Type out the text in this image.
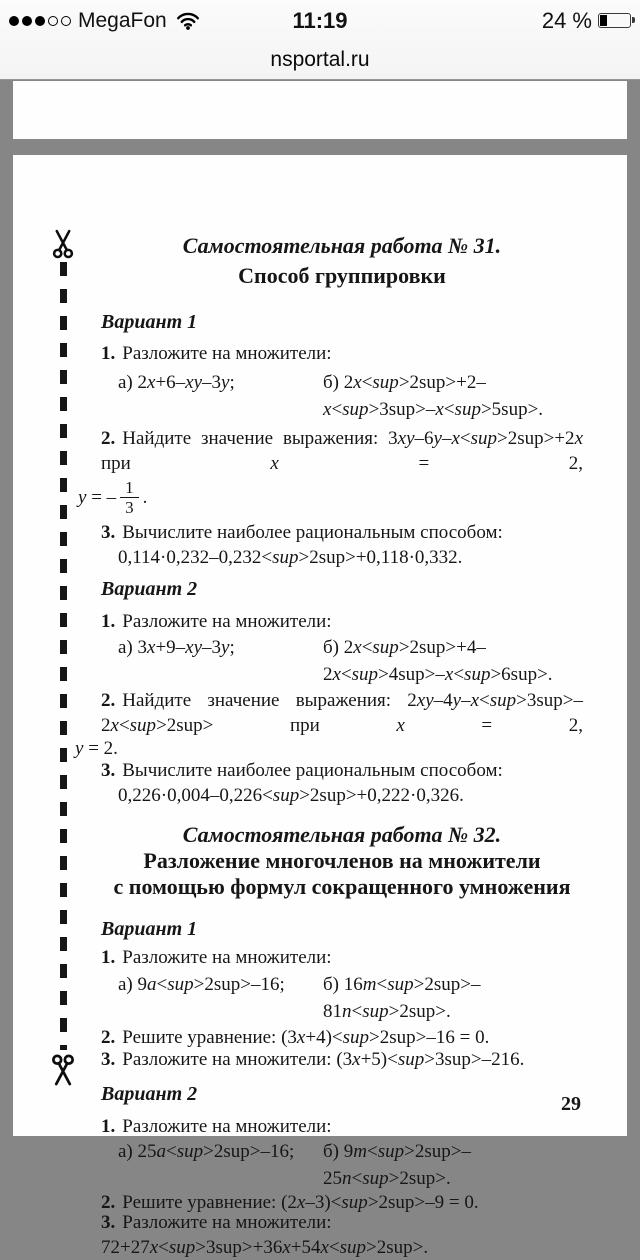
MegaFon	11:19	24 %
nsportal.ru
Самостоятельная работа № 31.
Способ группировки
Вариант 1

1. Разложите на множители:

а) 2x+6–xy–3y;	б) 2x<sup>2sup>+2–x<sup>3sup>–x<sup>5sup>.

2. Найдите значение выражения: 3xy–6y–x<sup>2sup>+2x при x = 2,

y = – $\frac{1}{3}$ .

3. Вычислите наиболее рациональным способом:

0,114·0,232–0,232<sup>2sup>+0,118·0,332.
Вариант 2

1. Разложите на множители:

а) 3x+9–xy–3y;	б) 2x<sup>2sup>+4–2x<sup>4sup>–x<sup>6sup>.

2. Найдите значение выражения: 2xy–4y–x<sup>3sup>–2x<sup>2sup> при x = 2,

y = 2.

3. Вычислите наиболее рациональным способом:

0,226·0,004–0,226<sup>2sup>+0,222·0,326.
Самостоятельная работа № 32.
Разложение многочленов на множители
с помощью формул сокращенного умножения
Вариант 1

1. Разложите на множители:

а) 9a<sup>2sup>–16;	б) 16m<sup>2sup>–81n<sup>2sup>.

2. Решите уравнение: (3x+4)<sup>2sup>–16 = 0.

3. Разложите на множители: (3x+5)<sup>3sup>–216.

Вариант 2

1. Разложите на множители:

а) 25a<sup>2sup>–16;	б) 9m<sup>2sup>–25n<sup>2sup>.

2. Решите уравнение: (2x–3)<sup>2sup>–9 = 0.

3. Разложите на множители: 72+27x<sup>3sup>+36x+54x<sup>2sup>.

29
